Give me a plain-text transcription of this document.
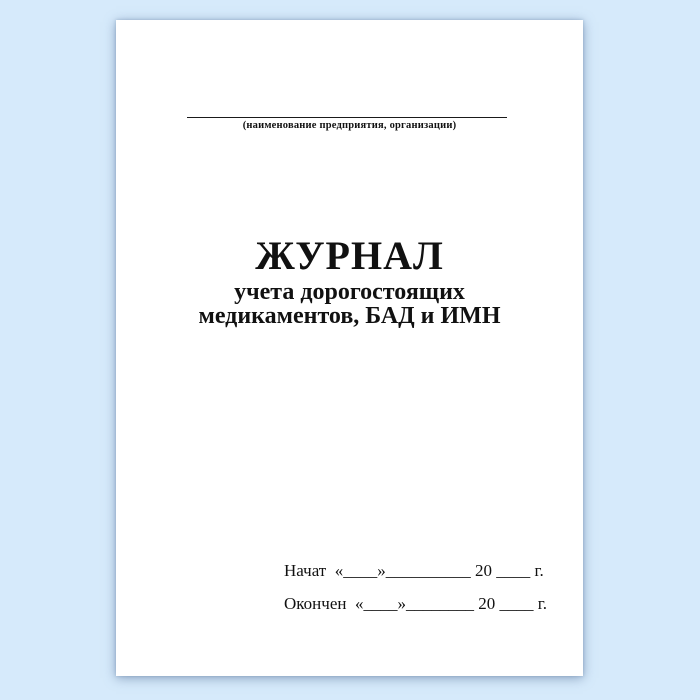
(наименование предприятия, организации)
ЖУРНАЛ
учета дорогостоящих
медикаментов, БАД и ИМН
Начат  «____»__________ 20 ____ г.
Окончен  «____»________ 20 ____ г.
